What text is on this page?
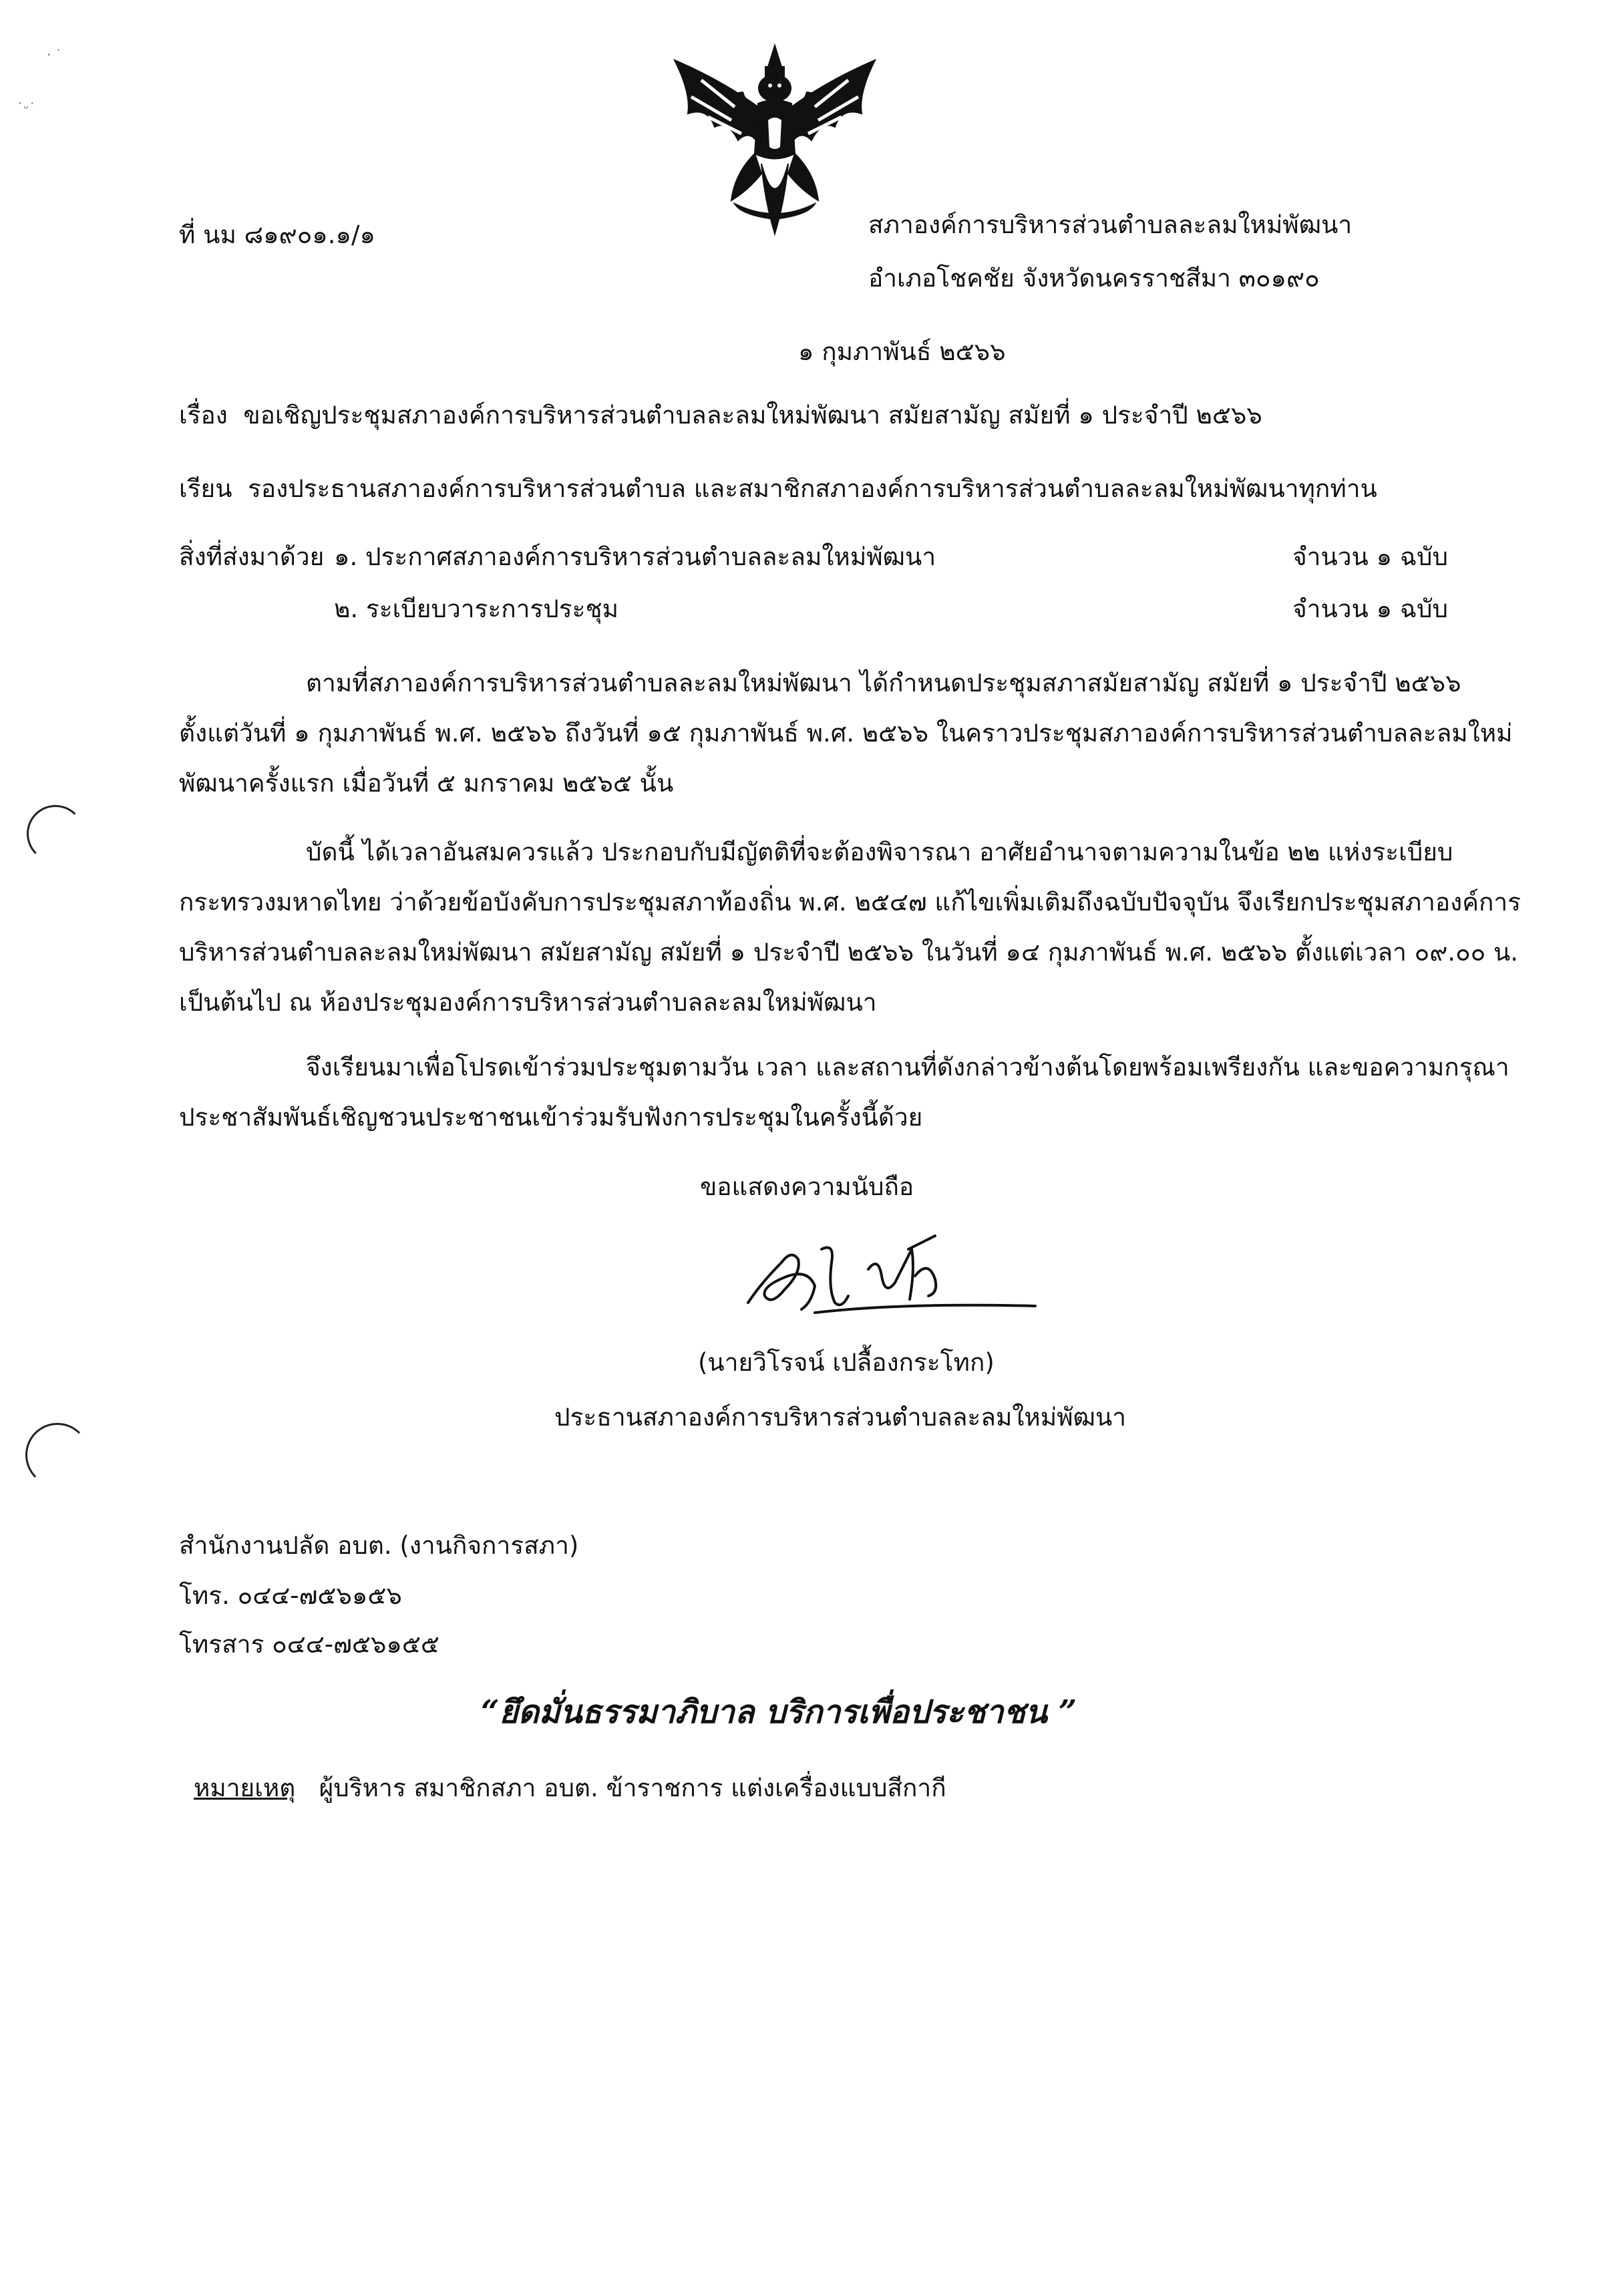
· ˙
˙ᵕ˙
ที่ นม ๘๑๙๐๑.๑/๑	สภาองค์การบริหารส่วนตำบลละลมใหม่พัฒนา
อำเภอโชคชัย จังหวัดนครราชสีมา ๓๐๑๙๐
๑ กุมภาพันธ์ ๒๕๖๖
เรื่อง ขอเชิญประชุมสภาองค์การบริหารส่วนตำบลละลมใหม่พัฒนา สมัยสามัญ สมัยที่ ๑ ประจำปี ๒๕๖๖
เรียน รองประธานสภาองค์การบริหารส่วนตำบล และสมาชิกสภาองค์การบริหารส่วนตำบลละลมใหม่พัฒนาทุกท่าน
สิ่งที่ส่งมาด้วย ๑. ประกาศสภาองค์การบริหารส่วนตำบลละลมใหม่พัฒนา	จำนวน ๑ ฉบับ
๒. ระเบียบวาระการประชุม	จำนวน ๑ ฉบับ
ตามที่สภาองค์การบริหารส่วนตำบลละลมใหม่พัฒนา ได้กำหนดประชุมสภาสมัยสามัญ สมัยที่ ๑ ประจำปี ๒๕๖๖ ตั้งแต่วันที่ ๑ กุมภาพันธ์ พ.ศ. ๒๕๖๖ ถึงวันที่ ๑๕ กุมภาพันธ์ พ.ศ. ๒๕๖๖ ในคราวประชุมสภาองค์การบริหารส่วนตำบลละลมใหม่พัฒนาครั้งแรก เมื่อวันที่ ๕ มกราคม ๒๕๖๕ นั้น
บัดนี้ ได้เวลาอันสมควรแล้ว ประกอบกับมีญัตติที่จะต้องพิจารณา อาศัยอำนาจตามความในข้อ ๒๒ แห่งระเบียบกระทรวงมหาดไทย ว่าด้วยข้อบังคับการประชุมสภาท้องถิ่น พ.ศ. ๒๕๔๗ แก้ไขเพิ่มเติมถึงฉบับปัจจุบัน จึงเรียกประชุมสภาองค์การบริหารส่วนตำบลละลมใหม่พัฒนา สมัยสามัญ สมัยที่ ๑ ประจำปี ๒๕๖๖ ในวันที่ ๑๔ กุมภาพันธ์ พ.ศ. ๒๕๖๖ ตั้งแต่เวลา ๐๙.๐๐ น. เป็นต้นไป ณ ห้องประชุมองค์การบริหารส่วนตำบลละลมใหม่พัฒนา
จึงเรียนมาเพื่อโปรดเข้าร่วมประชุมตามวัน เวลา และสถานที่ดังกล่าวข้างต้นโดยพร้อมเพรียงกัน และขอความกรุณาประชาสัมพันธ์เชิญชวนประชาชนเข้าร่วมรับฟังการประชุมในครั้งนี้ด้วย
ขอแสดงความนับถือ
(นายวิโรจน์ เปลื้องกระโทก)
ประธานสภาองค์การบริหารส่วนตำบลละลมใหม่พัฒนา
สำนักงานปลัด อบต. (งานกิจการสภา)
โทร. ๐๔๔-๗๕๖๑๕๖
โทรสาร ๐๔๔-๗๕๖๑๕๕
“ยึดมั่นธรรมาภิบาล บริการเพื่อประชาชน ”
หมายเหตุ ผู้บริหาร สมาชิกสภา อบต. ข้าราชการ แต่งเครื่องแบบสีกากี
